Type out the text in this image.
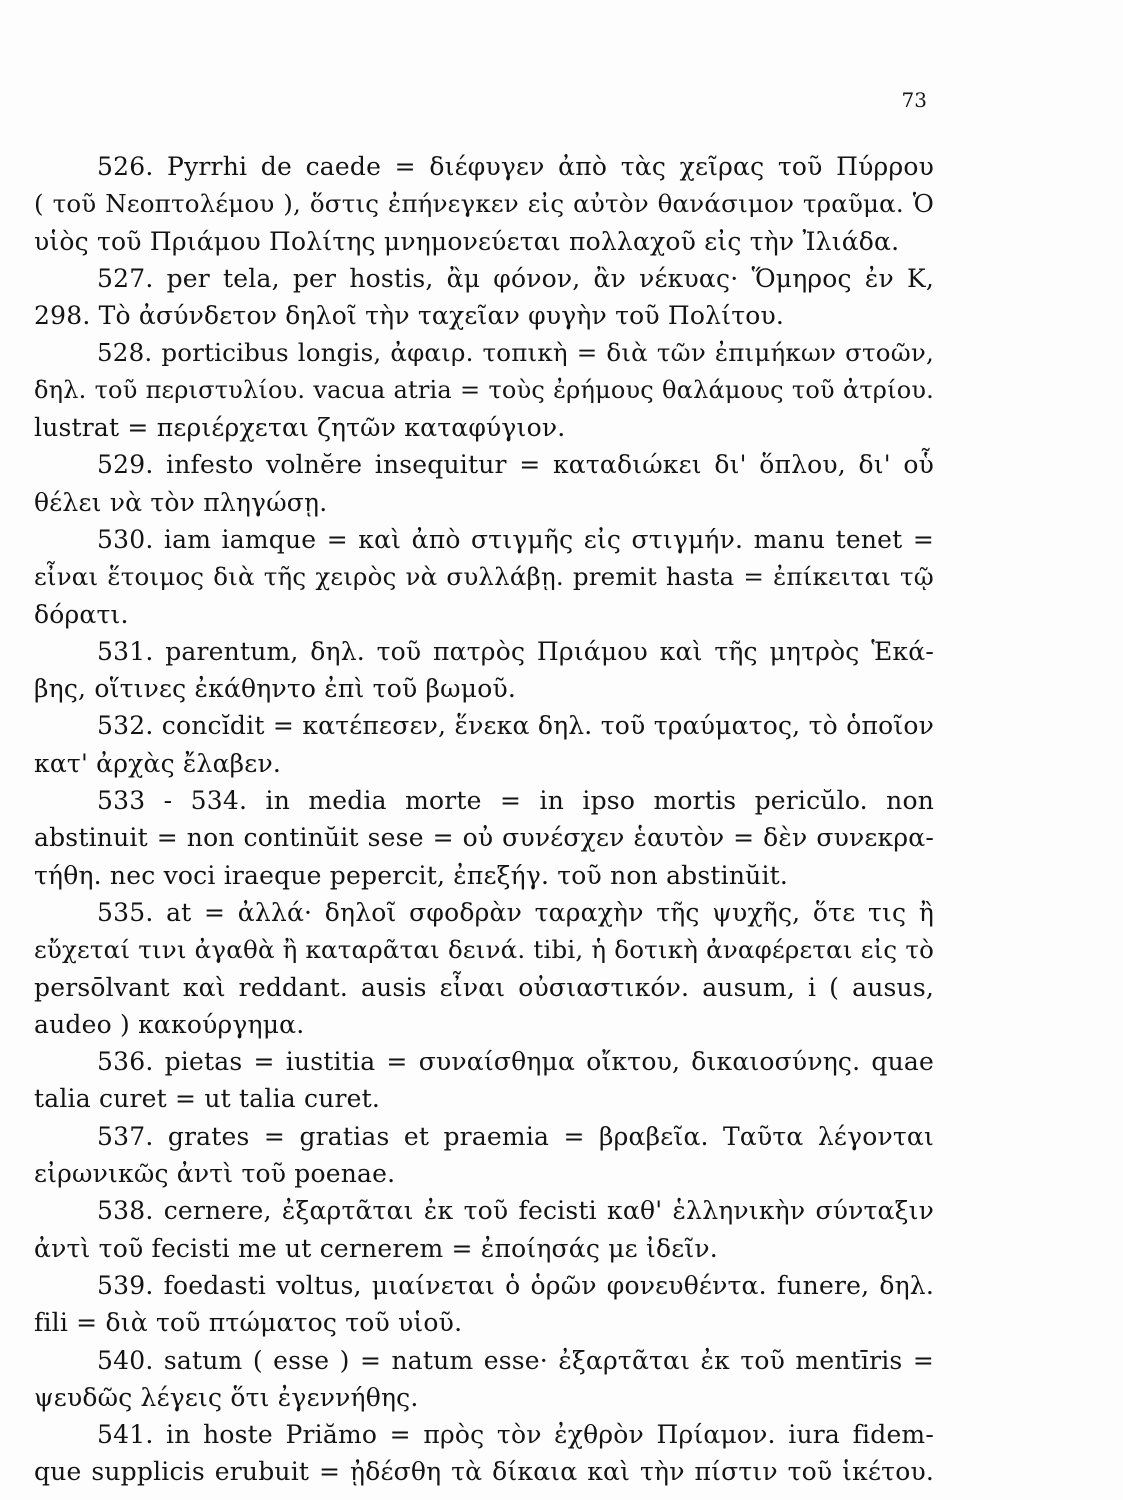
73
526. Pyrrhi de caede = διέφυγεν ἀπὸ τὰς χεῖρας τοῦ Πύρρου
( τοῦ Νεοπτολέμου ), ὅστις ἐπήνεγκεν εἰς αὐτὸν θανάσιμον τραῦμα. Ὁ
υἱὸς τοῦ Πριάμου Πολίτης μνημονεύεται πολλαχοῦ εἰς τὴν Ἰλιάδα.
527. per tela, per hostis, ἂμ φόνον, ἂν νέκυας· Ὅμηρος ἐν Κ,
298. Τὸ ἀσύνδετον δηλοῖ τὴν ταχεῖαν φυγὴν τοῦ Πολίτου.
528. porticibus longis, ἀφαιρ. τοπικὴ = διὰ τῶν ἐπιμήκων στοῶν,
δηλ. τοῦ περιστυλίου. vacua atria = τοὺς ἐρήμους θαλάμους τοῦ ἀτρίου.
lustrat = περιέρχεται ζητῶν καταφύγιον.
529. infesto volnĕre insequitur = καταδιώκει δι' ὅπλου, δι' οὗ
θέλει νὰ τὸν πληγώσῃ.
530. iam iamque = καὶ ἀπὸ στιγμῆς εἰς στιγμήν. manu tenet =
εἶναι ἕτοιμος διὰ τῆς χειρὸς νὰ συλλάβῃ. premit hasta = ἐπίκειται τῷ
δόρατι.
531. parentum, δηλ. τοῦ πατρὸς Πριάμου καὶ τῆς μητρὸς Ἑκά-
βης, οἵτινες ἐκάθηντο ἐπὶ τοῦ βωμοῦ.
532. concĭdit = κατέπεσεν, ἕνεκα δηλ. τοῦ τραύματος, τὸ ὁποῖον
κατ' ἀρχὰς ἔλαβεν.
533 - 534. in media morte = in ipso mortis pericŭlo. non
abstinuit = non continŭit sese = οὐ συνέσχεν ἑαυτὸν = δὲν συνεκρα-
τήθη. nec voci iraeque pepercit, ἐπεξήγ. τοῦ non abstinŭit.
535. at = ἀλλά· δηλοῖ σφοδρὰν ταραχὴν τῆς ψυχῆς, ὅτε τις ἢ
εὔχεταί τινι ἀγαθὰ ἢ καταρᾶται δεινά. tibi, ἡ δοτικὴ ἀναφέρεται εἰς τὸ
persōlvant καὶ reddant. ausis εἶναι οὐσιαστικόν. ausum, i ( ausus,
audeo ) κακούργημα.
536. pietas = iustitia = συναίσθημα οἴκτου, δικαιοσύνης. quae
talia curet = ut talia curet.
537. grates = gratias et praemia = βραβεῖα. Ταῦτα λέγονται
εἰρωνικῶς ἀντὶ τοῦ poenae.
538. cernere, ἐξαρτᾶται ἐκ τοῦ fecisti καθ' ἑλληνικὴν σύνταξιν
ἀντὶ τοῦ fecisti me ut cernerem = ἐποίησάς με ἰδεῖν.
539. foedasti voltus, μιαίνεται ὁ ὁρῶν φονευθέντα. funere, δηλ.
fili = διὰ τοῦ πτώματος τοῦ υἱοῦ.
540. satum ( esse ) = natum esse· ἐξαρτᾶται ἐκ τοῦ mentīris =
ψευδῶς λέγεις ὅτι ἐγεννήθης.
541. in hoste Priămo = πρὸς τὸν ἐχθρὸν Πρίαμον. iura fidem-
que supplicis erubuit = ᾐδέσθη τὰ δίκαια καὶ τὴν πίστιν τοῦ ἱκέτου.
